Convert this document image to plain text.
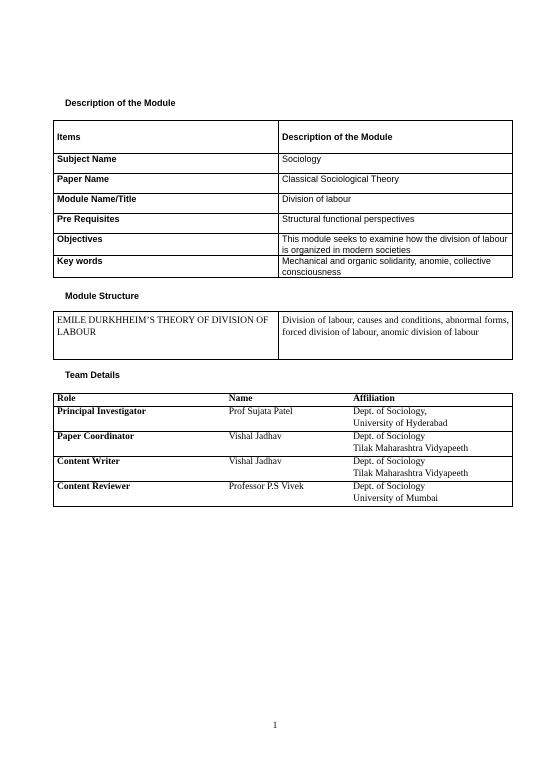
Description of the Module
Items	Description of the Module
Subject Name	Sociology
Paper Name	Classical Sociological Theory
Module Name/Title	Division of labour
Pre Requisites	Structural functional perspectives
Objectives	This module seeks to examine how the division of labour is organized in modern societies
Key words	Mechanical and organic solidarity, anomie, collective consciousness
Module Structure
EMILE DURKHHEIM’S THEORY OF DIVISION OF LABOUR	Division of labour, causes and conditions, abnormal forms, forced division of labour, anomic division of labour
Team Details
Role	Name	Affiliation
Principal Investigator	Prof Sujata Patel	Dept. of Sociology,
University of Hyderabad

Paper Coordinator	Vishal Jadhav	Dept. of Sociology
Tilak Maharashtra Vidyapeeth

Content Writer	Vishal Jadhav	Dept. of Sociology
Tilak Maharashtra Vidyapeeth

Content Reviewer	Professor P.S Vivek	Dept. of Sociology
University of Mumbai
1
